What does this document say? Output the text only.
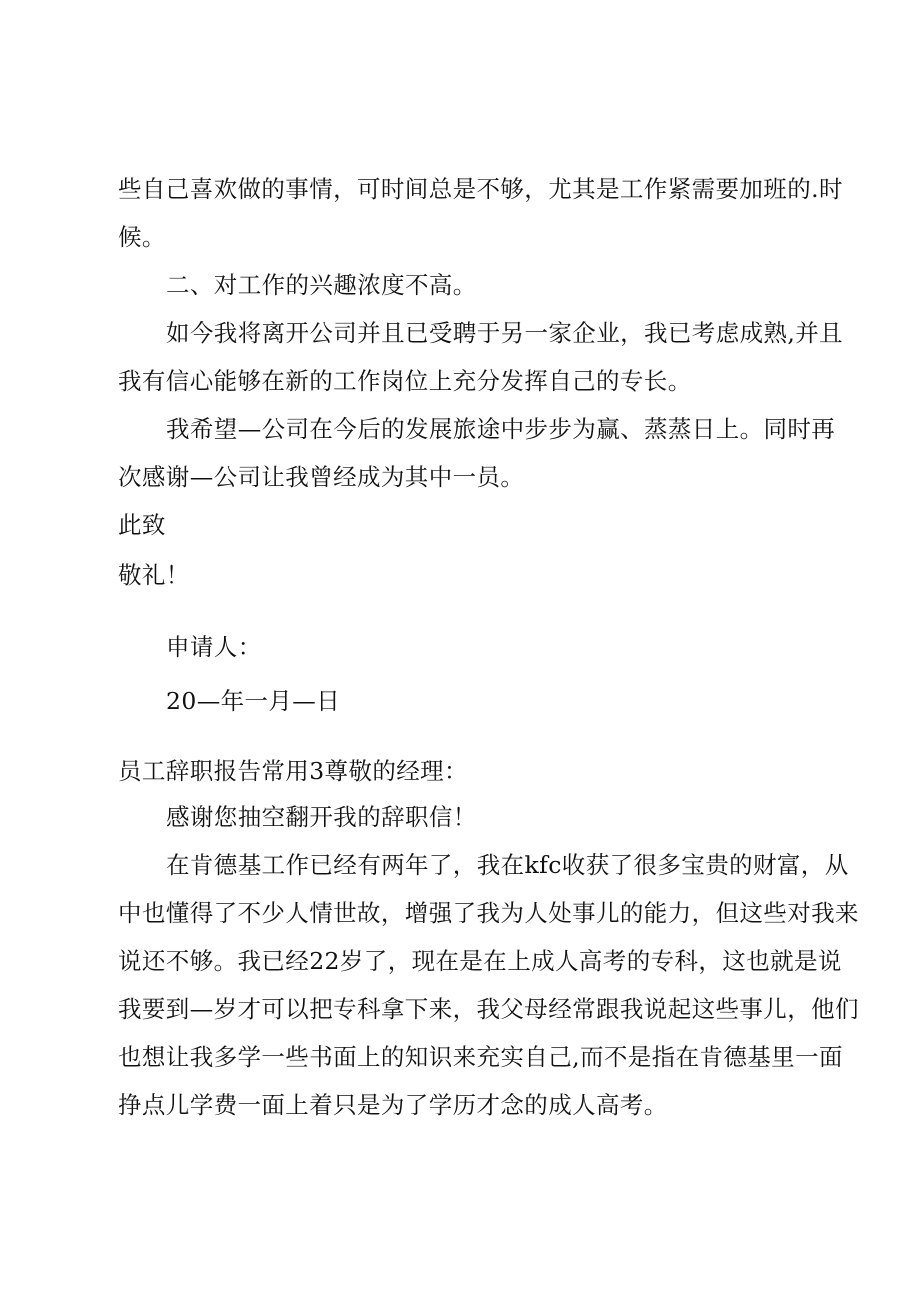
些自己喜欢做的事情，可时间总是不够，尤其是工作紧需要加班的.时
候。
二、对工作的兴趣浓度不高。
如今我将离开公司并且已受聘于另一家企业，我已考虑成熟,并且
我有信心能够在新的工作岗位上充分发挥自己的专长。
我希望—公司在今后的发展旅途中步步为赢、蒸蒸日上。同时再
次感谢—公司让我曾经成为其中一员。
此致
敬礼！
申请人：
20—年一月—日
员工辞职报告常用3尊敬的经理：
感谢您抽空翻开我的辞职信！
在肯德基工作已经有两年了，我在kfc收获了很多宝贵的财富，从
中也懂得了不少人情世故，增强了我为人处事儿的能力，但这些对我来
说还不够。我已经22岁了，现在是在上成人高考的专科，这也就是说
我要到—岁才可以把专科拿下来，我父母经常跟我说起这些事儿，他们
也想让我多学一些书面上的知识来充实自己,而不是指在肯德基里一面
挣点儿学费一面上着只是为了学历才念的成人高考。
